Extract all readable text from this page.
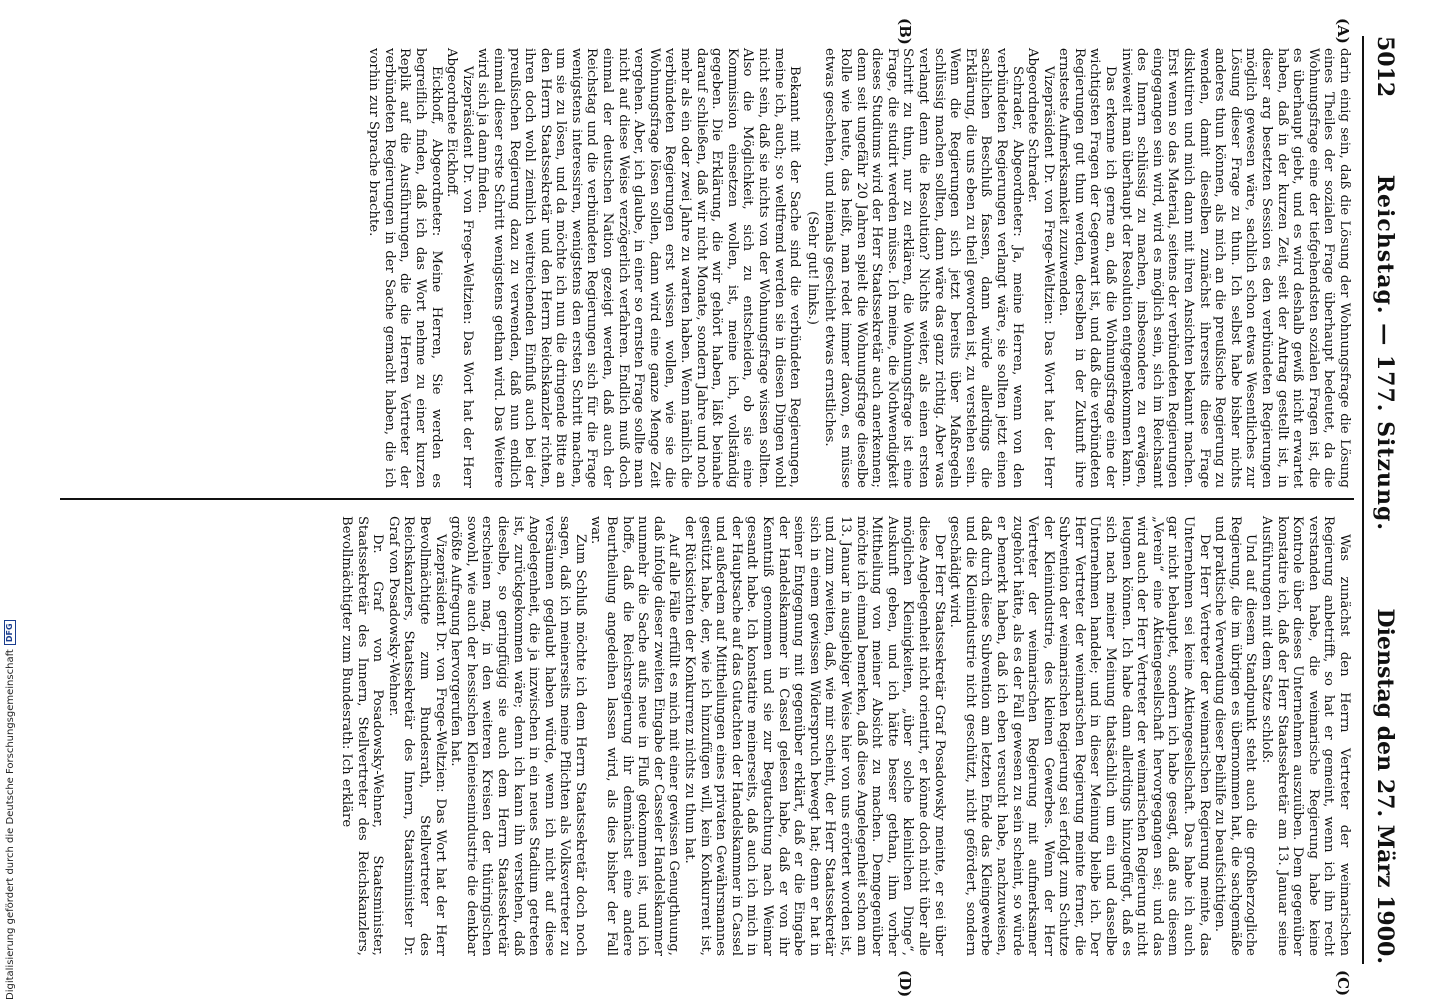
5012
Reichstag. — 177. Sitzung.
Dienstag den 27. März 1900.
(A)
(B)
(C)
(D)

darin einig sein, daß die Lösung der Wohnungsfrage die Lösung eines Theiles der sozialen Frage überhaupt bedeutet, da die Wohnungsfrage eine der tiefgehendsten sozialen Fragen ist, die es überhaupt giebt, und es wird deshalb gewiß nicht erwartet haben, daß in der kurzen Zeit, seit der Antrag gestellt ist, in dieser arg besetzten Session es den verbündeten Regierungen möglich gewesen wäre, sachlich schon etwas Wesentliches zur Lösung dieser Frage zu thun. Ich selbst habe bisher nichts anderes thun können, als mich an die preußische Regierung zu wenden, damit dieselben zunächst ihrerseits diese Frage diskutiren und mich dann mit ihren Ansichten bekannt machen. Erst wenn so das Material, seitens der verbündeten Regierungen eingegangen sein wird, wird es möglich sein, sich im Reichsamt des Innern schlüssig zu machen, insbesondere zu erwägen, inwieweit man überhaupt der Resolution entgegenkommen kann.

Das erkenne ich gerne an, daß die Wohnungsfrage eine der wichtigsten Fragen der Gegenwart ist, und daß die verbündeten Regierungen gut thun werden, derselben in der Zukunft ihre ernsteste Aufmerksamkeit zuzuwenden.

Vizepräsident Dr. von Frege-Weltzien: Das Wort hat der Herr Abgeordnete Schrader.

Schrader, Abgeordneter: Ja, meine Herren, wenn von den verbündeten Regierungen verlangt wäre, sie sollten jetzt einen sachlichen Beschluß fassen, dann würde allerdings die Erklärung, die uns eben zu theil geworden ist, zu verstehen sein. Wenn die Regierungen sich jetzt bereits über Maßregeln schlüssig machen sollten, dann wäre das ganz richtig. Aber was verlangt denn die Resolution? Nichts weiter, als einen ersten Schritt zu thun, nur zu erklären, die Wohnungsfrage ist eine Frage, die studirt werden müsse. Ich meine, die Nothwendigkeit dieses Studiums wird der Herr Staatssekretär auch anerkennen; denn seit ungefähr 20 Jahren spielt die Wohnungsfrage dieselbe Rolle wie heute, das heißt, man redet immer davon, es müsse etwas geschehen, und niemals geschieht etwas ernstliches.

(Sehr gut! links.)

Bekannt mit der Sache sind die verbündeten Regierungen, meine ich, auch; so weltfremd werden sie in diesen Dingen wohl nicht sein, daß sie nichts von der Wohnungsfrage wissen sollten. Also die Möglichkeit, sich zu entscheiden, ob sie eine Kommission einsetzen wollen, ist, meine ich, vollständig gegeben. Die Erklärung, die wir gehört haben, läßt beinahe darauf schließen, daß wir nicht Monate, sondern Jahre und noch mehr als ein oder zwei Jahre zu warten haben. Wenn nämlich die verbündeten Regierungen erst wissen wollen, wie sie die Wohnungsfrage lösen sollen, dann wird eine ganze Menge Zeit vergehen. Aber, ich glaube, in einer so ernsten Frage sollte man nicht auf diese Weise verzögerlich verfahren. Endlich muß doch einmal der deutschen Nation gezeigt werden, daß auch der Reichstag und die verbündeten Regierungen sich für die Frage wenigstens interessiren, wenigstens den ersten Schritt machen, um sie zu lösen, und da möchte ich nun die dringende Bitte an den Herrn Staatssekretär und den Herrn Reichskanzler richten, ihren doch wohl ziemlich weitreichenden Einfluß auch bei der preußischen Regierung dazu zu verwenden, daß nun endlich einmal dieser erste Schritt wenigstens gethan wird. Das Weitere wird sich ja dann finden.

Vizepräsident Dr. von Frege-Weltzien: Das Wort hat der Herr Abgeordnete Eickhoff.

Eickhoff, Abgeordneter: Meine Herren, Sie werden es begreiflich finden, daß ich das Wort nehme zu einer kurzen Replik auf die Ausführungen, die die Herren Vertreter der verbündeten Regierungen in der Sache gemacht haben, die ich vorhin zur Sprache brachte.

Was zunächst den Herrn Vertreter der weimarischen Regierung anbetrifft, so hat er gemeint, wenn ich ihn recht verstanden habe, die weimarische Regierung habe keine Kontrole über dieses Unternehmen auszuüben. Dem gegenüber konstatire ich, daß der Herr Staatssekretär am 13. Januar seine Ausführungen mit dem Satze schloß:

Und auf diesem Standpunkt steht auch die großherzogliche Regierung, die im übrigen es übernommen hat, die sachgemäße und praktische Verwendung dieser Beihilfe zu beaufsichtigen.

Der Herr Vertreter der weimarischen Regierung meinte, das Unternehmen sei keine Aktiengesellschaft. Das habe ich auch gar nicht behauptet, sondern ich habe gesagt, daß aus diesem „Verein“ eine Aktiengesellschaft hervorgegangen sei; und das wird auch der Herr Vertreter der weimarischen Regierung nicht leugnen können. Ich habe dann allerdings hinzugefügt, daß es sich nach meiner Meinung thatsächlich um ein und dasselbe Unternehmen handele; und in dieser Meinung bleibe ich. Der Herr Vertreter der weimarischen Regierung meinte ferner, die Subvention der weimarischen Regierung sei erfolgt zum Schutze der Kleinindustrie, des kleinen Gewerbes. Wenn der Herr Vertreter der weimarischen Regierung mit aufmerksamer zugehört hätte, als es der Fall gewesen zu sein scheint, so würde er bemerkt haben, daß ich eben versucht habe, nachzuweisen, daß durch diese Subvention am letzten Ende das Kleingewerbe und die Kleinindustrie nicht geschützt, nicht gefördert, sondern geschädigt wird.

Der Herr Staatssekretär Graf Posadowsky meinte, er sei über diese Angelegenheit nicht orientirt, er könne doch nicht über alle möglichen Kleinigkeiten, „über solche kleinlichen Dinge“, Auskunft geben, und ich hätte besser gethan, ihm vorher Mittheilung von meiner Absicht zu machen. Demgegenüber möchte ich einmal bemerken, daß diese Angelegenheit schon am 13. Januar in ausgiebiger Weise hier von uns erörtert worden ist, und zum zweiten, daß, wie mir scheint, der Herr Staatssekretär sich in einem gewissen Widerspruch bewegt hat; denn er hat in seiner Entgegnung mit gegenüber erklärt, daß er die Eingabe der Handelskammer in Cassel gelesen habe, daß er von ihr Kenntniß genommen und sie zur Begutachtung nach Weimar gesandt habe. Ich konstatire meinerseits, daß auch ich mich in der Hauptsache auf das Gutachten der Handelskammer in Cassel und außerdem auf Mittheilungen eines privaten Gewährsmannes gestützt habe, der, wie ich hinzufügen will, kein Konkurrent ist, der Rücksichten der Konkurrenz nichts zu thun hat.

Auf alle Fälle erfüllt es mich mit einer gewissen Genugthuung, daß infolge dieser zweiten Eingabe der Casseler Handelskammer nunmehr die Sache aufs neue in Fluß gekommen ist, und ich hoffe, daß die Reichsregierung ihr demnächst eine andere Beurtheilung angedeihen lassen wird, als dies bisher der Fall war.

Zum Schluß möchte ich dem Herrn Staatssekretär doch noch sagen, daß ich meinerseits meine Pflichten als Volksvertreter zu versäumen geglaubt haben würde, wenn ich nicht auf diese Angelegenheit, die ja inzwischen in ein neues Stadium getreten ist, zurückgekommen wäre; denn ich kann ihn verstehen, daß dieselbe, so geringfügig sie auch dem Herrn Staatssekretär erscheinen mag, in den weiteren Kreisen der thüringischen sowohl, wie auch der hessischen Kleineisenindustrie die denkbar größte Aufregung hervorgerufen hat.

Vizepräsident Dr. von Frege-Weltzien: Das Wort hat der Herr Bevollmächtigte zum Bundesrath, Stellvertreter des Reichskanzlers, Staatssekretär des Innern, Staatsminister Dr. Graf von Posadowsky-Wehner.

Dr. Graf von Posadowsky-Wehner, Staatsminister, Staatssekretär des Innern, Stellvertreter des Reichskanzlers, Bevollmächtigter zum Bundesrath: Ich erkläre

Digitalisierung gefördert durch die Deutsche Forschungsgemeinschaft
DFG
